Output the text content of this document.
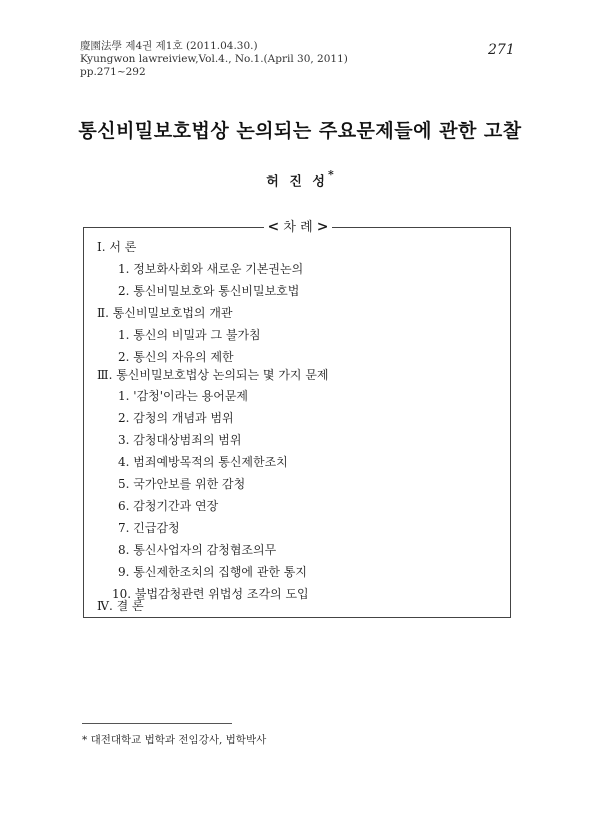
慶園法學 제4권 제1호 (2011.04.30.)
Kyungwon lawreiview,Vol.4., No.1.(April 30, 2011)
pp.271~292
271
통신비밀보호법상 논의되는 주요문제들에 관한 고찰
허 진 성*
< 차 례 >
Ⅰ. 서 론
1. 정보화사회와 새로운 기본권논의
2. 통신비밀보호와 통신비밀보호법
Ⅱ. 통신비밀보호법의 개관
1. 통신의 비밀과 그 불가침
2. 통신의 자유의 제한
Ⅲ. 통신비밀보호법상 논의되는 몇 가지 문제
1. '감청'이라는 용어문제
2. 감청의 개념과 범위
3. 감청대상범죄의 범위
4. 범죄예방목적의 통신제한조치
5. 국가안보를 위한 감청
6. 감청기간과 연장
7. 긴급감청
8. 통신사업자의 감청협조의무
9. 통신제한조치의 집행에 관한 통지
10. 불법감청관련 위법성 조각의 도입
Ⅳ. 결 론
* 대전대학교 법학과 전임강사, 법학박사
